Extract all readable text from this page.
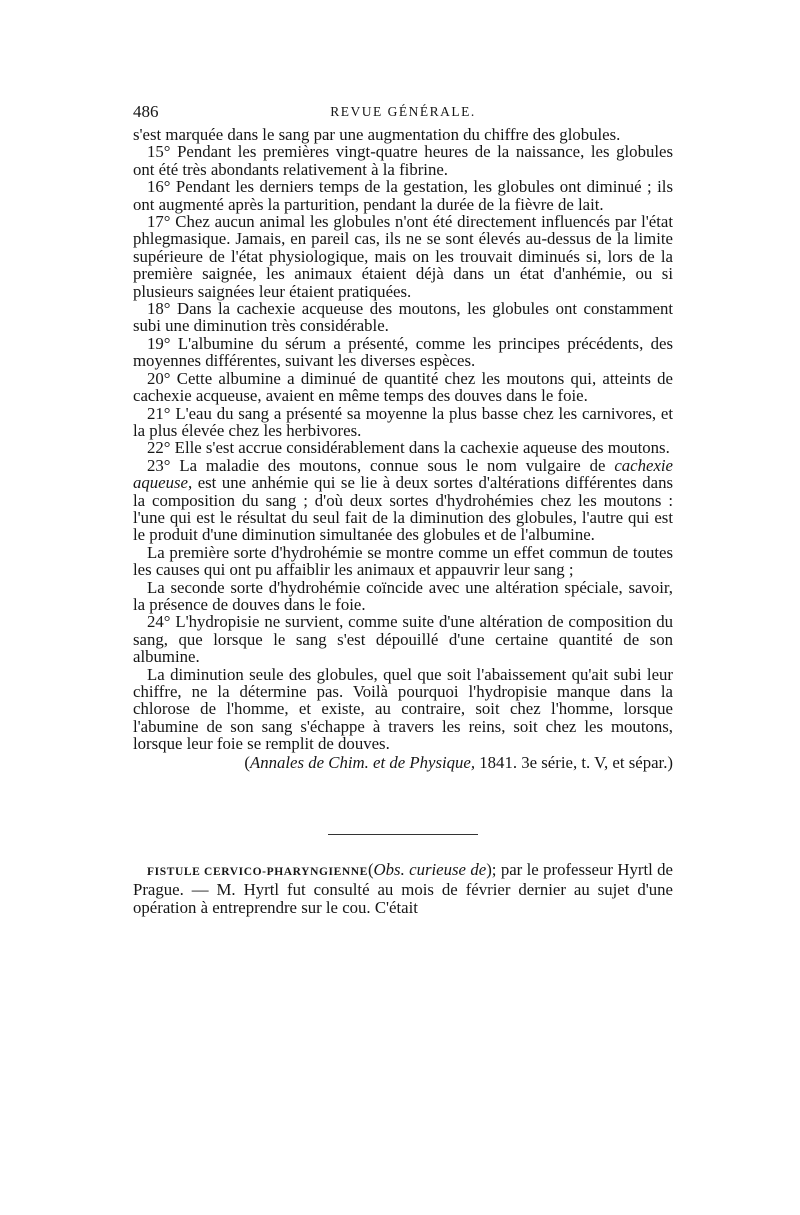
486	REVUE GÉNÉRALE.

s'est marquée dans le sang par une augmentation du chiffre des globules.

15° Pendant les premières vingt-quatre heures de la naissance, les globules ont été très abondants relativement à la fibrine.

16° Pendant les derniers temps de la gestation, les globules ont diminué ; ils ont augmenté après la parturition, pendant la durée de la fièvre de lait.

17° Chez aucun animal les globules n'ont été directement influencés par l'état phlegmasique. Jamais, en pareil cas, ils ne se sont élevés au-dessus de la limite supérieure de l'état physiologique, mais on les trouvait diminués si, lors de la première saignée, les animaux étaient déjà dans un état d'anhémie, ou si plusieurs saignées leur étaient pratiquées.

18° Dans la cachexie acqueuse des moutons, les globules ont constamment subi une diminution très considérable.

19° L'albumine du sérum a présenté, comme les principes précédents, des moyennes différentes, suivant les diverses espèces.

20° Cette albumine a diminué de quantité chez les moutons qui, atteints de cachexie acqueuse, avaient en même temps des douves dans le foie.

21° L'eau du sang a présenté sa moyenne la plus basse chez les carnivores, et la plus élevée chez les herbivores.

22° Elle s'est accrue considérablement dans la cachexie aqueuse des moutons.

23° La maladie des moutons, connue sous le nom vulgaire de cachexie aqueuse, est une anhémie qui se lie à deux sortes d'altérations différentes dans la composition du sang ; d'où deux sortes d'hydrohémies chez les moutons : l'une qui est le résultat du seul fait de la diminution des globules, l'autre qui est le produit d'une diminution simultanée des globules et de l'albumine.

La première sorte d'hydrohémie se montre comme un effet commun de toutes les causes qui ont pu affaiblir les animaux et appauvrir leur sang ;

La seconde sorte d'hydrohémie coïncide avec une altération spéciale, savoir, la présence de douves dans le foie.

24° L'hydropisie ne survient, comme suite d'une altération de composition du sang, que lorsque le sang s'est dépouillé d'une certaine quantité de son albumine.

La diminution seule des globules, quel que soit l'abaissement qu'ait subi leur chiffre, ne la détermine pas. Voilà pourquoi l'hydropisie manque dans la chlorose de l'homme, et existe, au contraire, soit chez l'homme, lorsque l'abumine de son sang s'échappe à travers les reins, soit chez les moutons, lorsque leur foie se remplit de douves.

(Annales de Chim. et de Physique, 1841. 3e série, t. V, et sépar.)

FISTULE CERVICO-PHARYNGIENNE(Obs. curieuse de); par le professeur Hyrtl de Prague. — M. Hyrtl fut consulté au mois de février dernier au sujet d'une opération à entreprendre sur le cou. C'était
